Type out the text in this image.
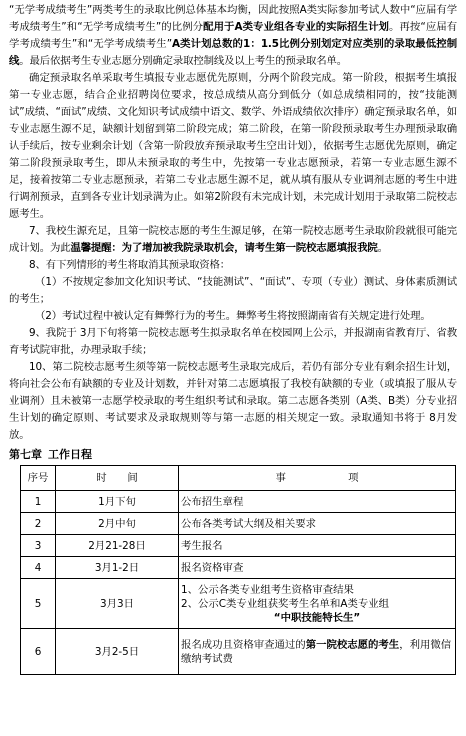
“无学考成绩考生”两类考生的录取比例总体基本均衡，因此按照A类实际参加考试人数中“应届有学考成绩考生”和“无学考成绩考生”的比例分配用于A类专业组各专业的实际招生计划。再按“应届有学考成绩考生”和“无学考成绩考生”A类计划总数的1：1.5比例分别划定对应类别的录取最低控制线。最后依据考生专业志愿分别确定录取控制线及以上考生的预录取名单。

确定预录取名单采取考生填报专业志愿优先原则，分两个阶段完成。第一阶段，根据考生填报第一专业志愿，结合企业招聘岗位要求，按总成绩从高分到低分（如总成绩相同的，按“技能测试”成绩、“面试”成绩、文化知识考试成绩中语文、数学、外语成绩依次排序）确定预录取名单，如专业志愿生源不足，缺额计划留到第二阶段完成；第二阶段，在第一阶段预录取考生办理预录取确认手续后，按专业剩余计划（含第一阶段放弃预录取考生空出计划），依据考生志愿优先原则，确定第二阶段预录取考生，即从未预录取的考生中，先按第一专业志愿预录，若第一专业志愿生源不足，接着按第二专业志愿预录，若第二专业志愿生源不足，就从填有服从专业调剂志愿的考生中进行调剂预录，直到各专业计划录满为止。如第2阶段有未完成计划，未完成计划用于录取第二院校志愿考生。

7、我校生源充足，且第一院校志愿的考生生源足够，在第一院校志愿考生录取阶段就很可能完成计划。为此温馨提醒：为了增加被我院录取机会，请考生第一院校志愿填报我院。

8、有下列情形的考生将取消其预录取资格：

（1）不按规定参加文化知识考试、“技能测试”、“面试”、专项（专业）测试、身体素质测试的考生；

（2）考试过程中被认定有舞弊行为的考生。舞弊考生将按照湖南省有关规定进行处理。

9、我院于 3月下旬将第一院校志愿考生拟录取名单在校园网上公示，并报湖南省教育厅、省教育考试院审批，办理录取手续；

10、第二院校志愿考生须等第一院校志愿考生录取完成后，若仍有部分专业有剩余招生计划，将向社会公布有缺额的专业及计划数，并针对第二志愿填报了我校有缺额的专业（或填报了服从专业调剂）且未被第一志愿学校录取的考生组织考试和录取。第二志愿各类别（A类、B类）分专业招生计划的确定原则、考试要求及录取规则等与第一志愿的相关规定一致。录取通知书将于 8月发放。

第七章 工作日程
序号	时　　间	事　　　　　　项
1	1月下旬	公布招生章程

2	2月中旬	公布各类考试大纲及相关要求

3	2月21-28日	考生报名

4	3月1-2日	报名资格审查

5	3月3日	1、公示各类专业组考生资格审查结果
2、公示C类专业组获奖考生名单和A类专业组
“中职技能特长生”

6	3月2-5日	报名成功且资格审查通过的第一院校志愿的考生，利用微信缴纳考试费
